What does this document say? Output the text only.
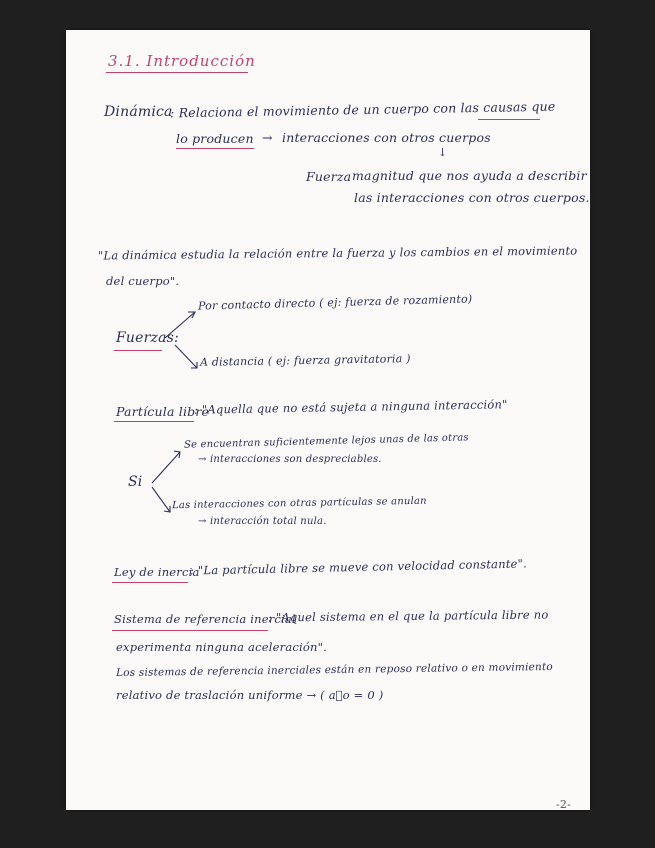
3.1. Introducción
Dinámica
: Relaciona el movimiento de un cuerpo con las causas que
lo producen → interacciones con otros cuerpos
↓
Fuerza magnitud que nos ayuda a describir
las interacciones con otros cuerpos.
"La dinámica estudia la relación entre la fuerza y los cambios en el movimiento
del cuerpo".
Fuerzas:
Por contacto directo ( ej: fuerza de rozamiento)
A distancia ( ej: fuerza gravitatoria )
Partícula libre
: "Aquella que no está sujeta a ninguna interacción"
Si
Se encuentran suficientemente lejos unas de las otras
→ interacciones son despreciables.
Las interacciones con otras partículas se anulan
→ interacción total nula.
Ley de inercia
: "La partícula libre se mueve con velocidad constante".
Sistema de referencia inercial
: "Aquel sistema en el que la partícula libre no
experimenta ninguna aceleración".
Los sistemas de referencia inerciales están en reposo relativo o en movimiento
relativo de traslación uniforme → ( a⃗o = 0 )
-2-
